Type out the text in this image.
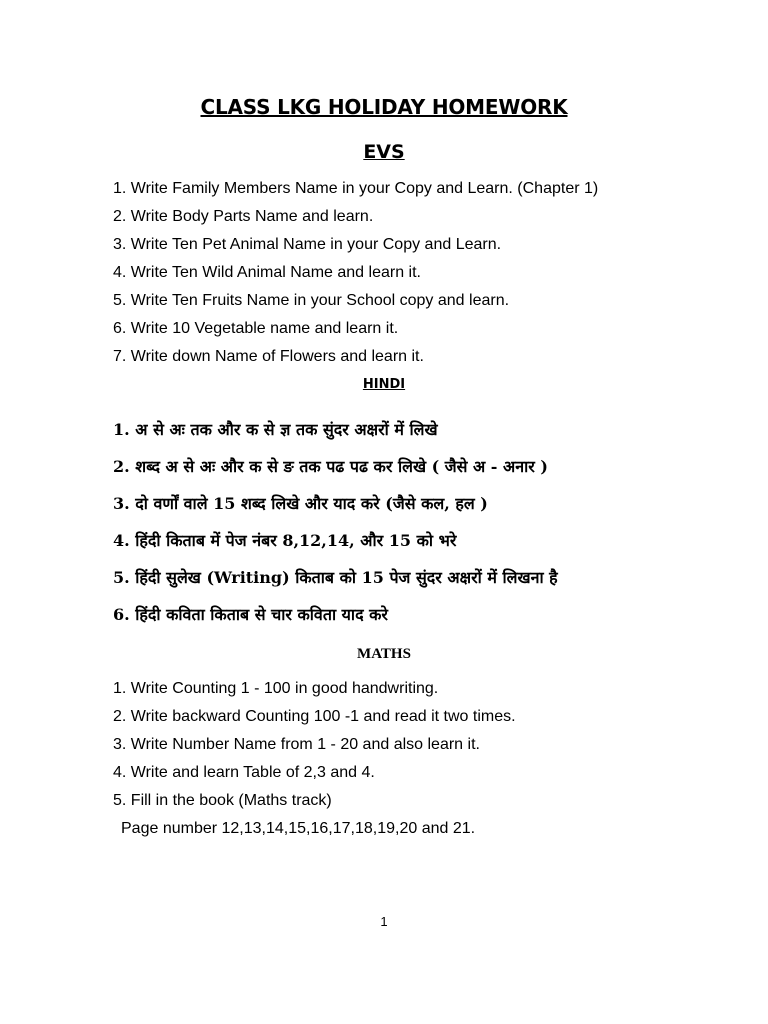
CLASS LKG HOLIDAY HOMEWORK
EVS
1. Write Family Members Name in your Copy and Learn. (Chapter 1)
2. Write Body Parts Name and learn.
3. Write Ten Pet Animal Name in your Copy and Learn.
4. Write Ten Wild Animal Name and learn it.
5. Write Ten Fruits Name in your School copy and learn.
6. Write 10 Vegetable name and learn it.
7. Write down Name of Flowers and learn it.
HINDI
1. अ से अः तक और क से ज्ञ तक सुंदर अक्षरों में लिखे
2. शब्द अ से अः और क से ङ तक पढ पढ कर लिखे ( जैसे अ - अनार )
3. दो वर्णों वाले 15 शब्द लिखे और याद करे (जैसे कल, हल )
4. हिंदी किताब में पेज नंबर 8,12,14, और 15 को भरे
5. हिंदी सुलेख (Writing) किताब को 15 पेज सुंदर अक्षरों में लिखना है
6. हिंदी कविता किताब से चार कविता याद करे
MATHS
1. Write Counting 1 - 100 in good handwriting.
2. Write backward Counting 100 -1 and read it two times.
3. Write Number Name from 1 - 20 and also learn it.
4. Write and learn Table of 2,3 and 4.
5. Fill in the book (Maths track)
Page number 12,13,14,15,16,17,18,19,20 and 21.
1
